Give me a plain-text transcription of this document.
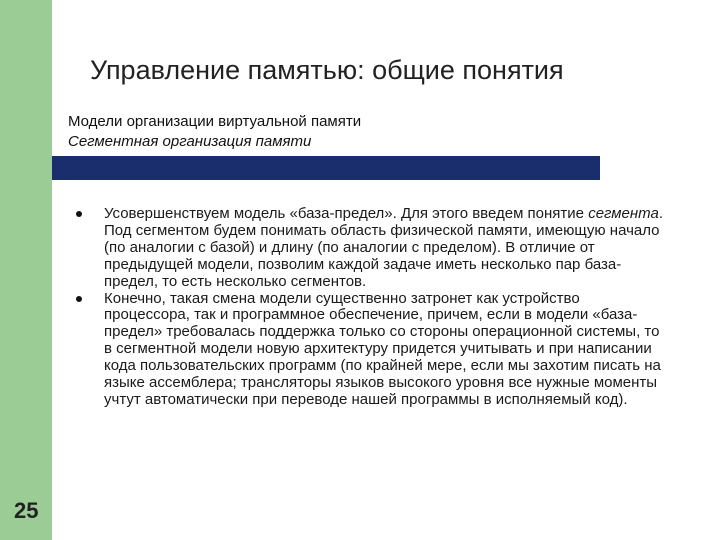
Управление памятью: общие понятия
Модели организации виртуальной памяти
Сегментная организация памяти
Усовершенствуем модель «база-предел». Для этого введем понятие сегмента. Под сегментом будем понимать область физической памяти, имеющую начало (по аналогии с базой) и длину (по аналогии с пределом). В отличие от предыдущей модели, позволим каждой задаче иметь несколько пар база-предел, то есть несколько сегментов.
Конечно, такая смена модели существенно затронет как устройство процессора, так и программное обеспечение, причем, если в модели «база-предел» требовалась поддержка только со стороны операционной системы, то в сегментной модели новую архитектуру придется учитывать и при написании кода пользовательских программ (по крайней мере, если мы захотим писать на языке ассемблера; трансляторы языков высокого уровня все нужные моменты учтут автоматически при переводе нашей программы в исполняемый код).
25
